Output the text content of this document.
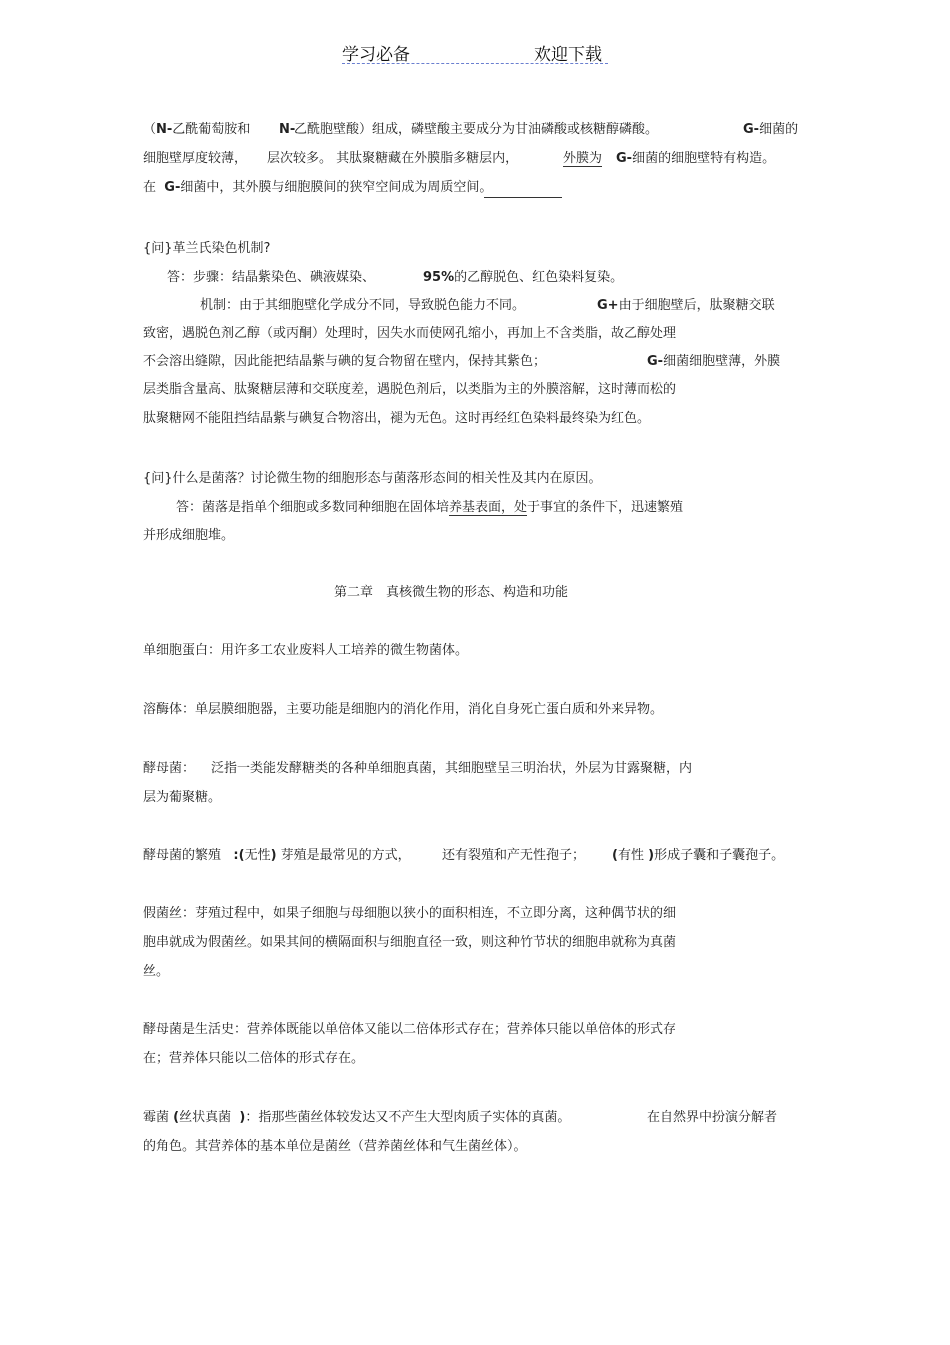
学习必备	欢迎下载
（N-乙酰葡萄胺和 N-
乙酰胞壁酸）组成，磷壁酸主要成分为甘油磷酸或核糖醇磷酸。	G-细菌的
细胞壁厚度较薄， 层次较多。 其肽聚糖藏在外膜脂多糖层内，	外膜为 G-细菌的细胞壁特有构造。
在 G-细菌中，其外膜与细胞膜间的狭窄空间成为周质空间。
{问}革兰氏染色机制?
答：步骤：结晶紫染色、碘液媒染、	95%的乙醇脱色、红色染料复染。
机制：由于其细胞壁化学成分不同，导致脱色能力不同。	G+由于细胞壁后，肽聚糖交联
致密，遇脱色剂乙醇（或丙酮）处理时，因失水而使网孔缩小，再加上不含类脂，故乙醇处理
不会溶出缝隙，因此能把结晶紫与碘的复合物留在壁内，保持其紫色；	G-细菌细胞壁薄，外膜
层类脂含量高、肽聚糖层薄和交联度差，遇脱色剂后，以类脂为主的外膜溶解，这时薄而松的
肽聚糖网不能阻挡结晶紫与碘复合物溶出，褪为无色。这时再经红色染料最终染为红色。
{问}什么是菌落？讨论微生物的细胞形态与菌落形态间的相关性及其内在原因。
答：菌落是指单个细胞或多数同种细胞在固体培养基表面，处于事宜的条件下，迅速繁殖
并形成细胞堆。
第二章　真核微生物的形态、构造和功能
单细胞蛋白：用许多工农业废料人工培养的微生物菌体。
溶酶体：单层膜细胞器，主要功能是细胞内的消化作用，消化自身死亡蛋白质和外来异物。
酵母菌： 泛指一类能发酵糖类的各种单细胞真菌，其细胞壁呈三明治状，外层为甘露聚糖，内
层为葡聚糖。
酵母菌的繁殖 :(无性) 芽殖是最常见的方式， 还有裂殖和产无性孢子； (有性 )形成子囊和子囊孢子。
假菌丝：芽殖过程中，如果子细胞与母细胞以狭小的面积相连，不立即分离，这种偶节状的细
胞串就成为假菌丝。如果其间的横隔面积与细胞直径一致，则这种竹节状的细胞串就称为真菌
丝。
酵母菌是生活史：营养体既能以单倍体又能以二倍体形式存在；营养体只能以单倍体的形式存
在；营养体只能以二倍体的形式存在。
霉菌 (丝状真菌 )：指那些菌丝体较发达又不产生大型肉质子实体的真菌。	在自然界中扮演分解者
的角色。其营养体的基本单位是菌丝（营养菌丝体和气生菌丝体）。
